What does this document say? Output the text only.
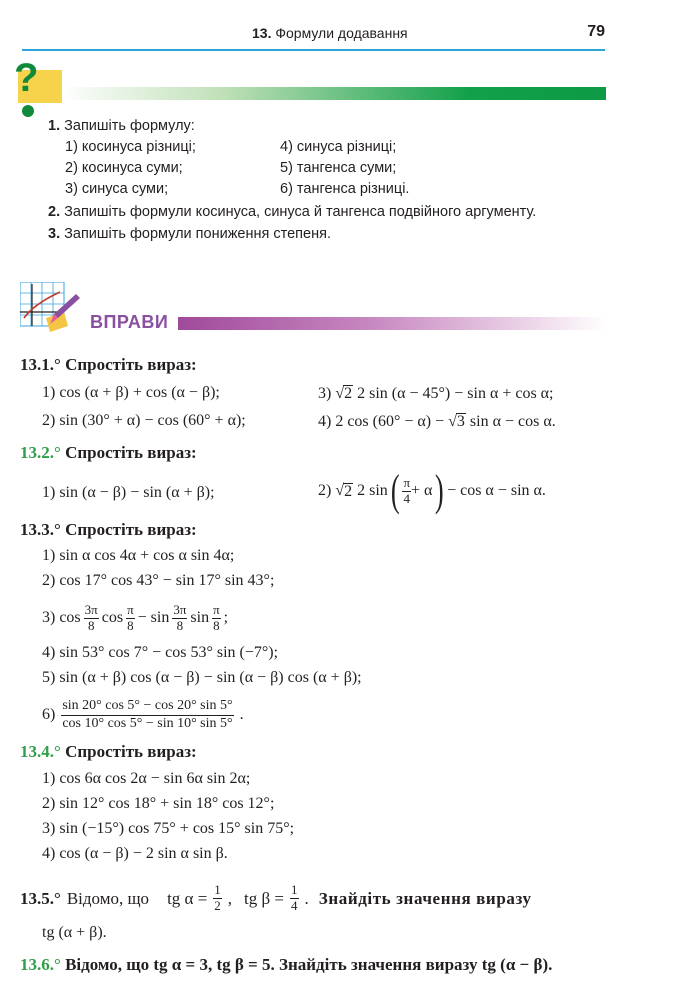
13. Формули додавання	79
?
1. Запишіть формулу:
1) косинуса різниці;
2) косинуса суми;
3) синуса суми;
4) синуса різниці;
5) тангенса суми;
6) тангенса різниці.
2. Запишіть формули косинуса, синуса й тангенса подвійного аргументу.
3. Запишіть формули пониження степеня.
ВПРАВИ
13.1.° Спростіть вираз:
1) cos (α + β) + cos (α − β);
2) sin (30° + α) − cos (60° + α);
3) √2 2 sin (α − 45°) − sin α + cos α;
4) 2 cos (60° − α) − √3 sin α − cos α.
13.2.° Спростіть вираз:
1) sin (α − β) − sin (α + β);	2)
√ 2
2 sin ( $\frac{\pi}{4} + \alpha$ ) − cos α − sin α.
13.3.° Спростіть вираз:
1) sin α cos 4α + cos α sin 4α;
2) cos 17° cos 43° − sin 17° sin 43°;
3) $\cos \frac{3\pi}{8}$ $\cos \frac{\pi}{8} - \sin \frac{3\pi}{8}$ $\sin \frac{\pi}{8}$ ;
4) sin 53° cos 7° − cos 53° sin (−7°);
5) sin (α + β) cos (α − β) − sin (α − β) cos (α + β);
$6) \frac{\sin 20^\circ \cos 5^\circ - \cos 20^\circ \sin 5^\circ}{\cos 10^\circ \cos 5^\circ - \sin 10^\circ \sin 5^\circ}$ .
13.4.° Спростіть вираз:
1) cos 6α cos 2α − sin 6α sin 2α;
2) sin 12° cos 18° + sin 18° cos 12°;
3) sin (−15°) cos 75° + cos 15° sin 75°;
4) cos (α − β) − 2 sin α sin β.
13.5.° Відомо, що tg $\alpha = \frac{1}{2}$ , tg $\beta = \frac{1}{4}$ . Знайдіть значення виразу
tg (α + β).
13.6.° Відомо, що tg α = 3, tg β = 5. Знайдіть значення виразу tg (α − β).
